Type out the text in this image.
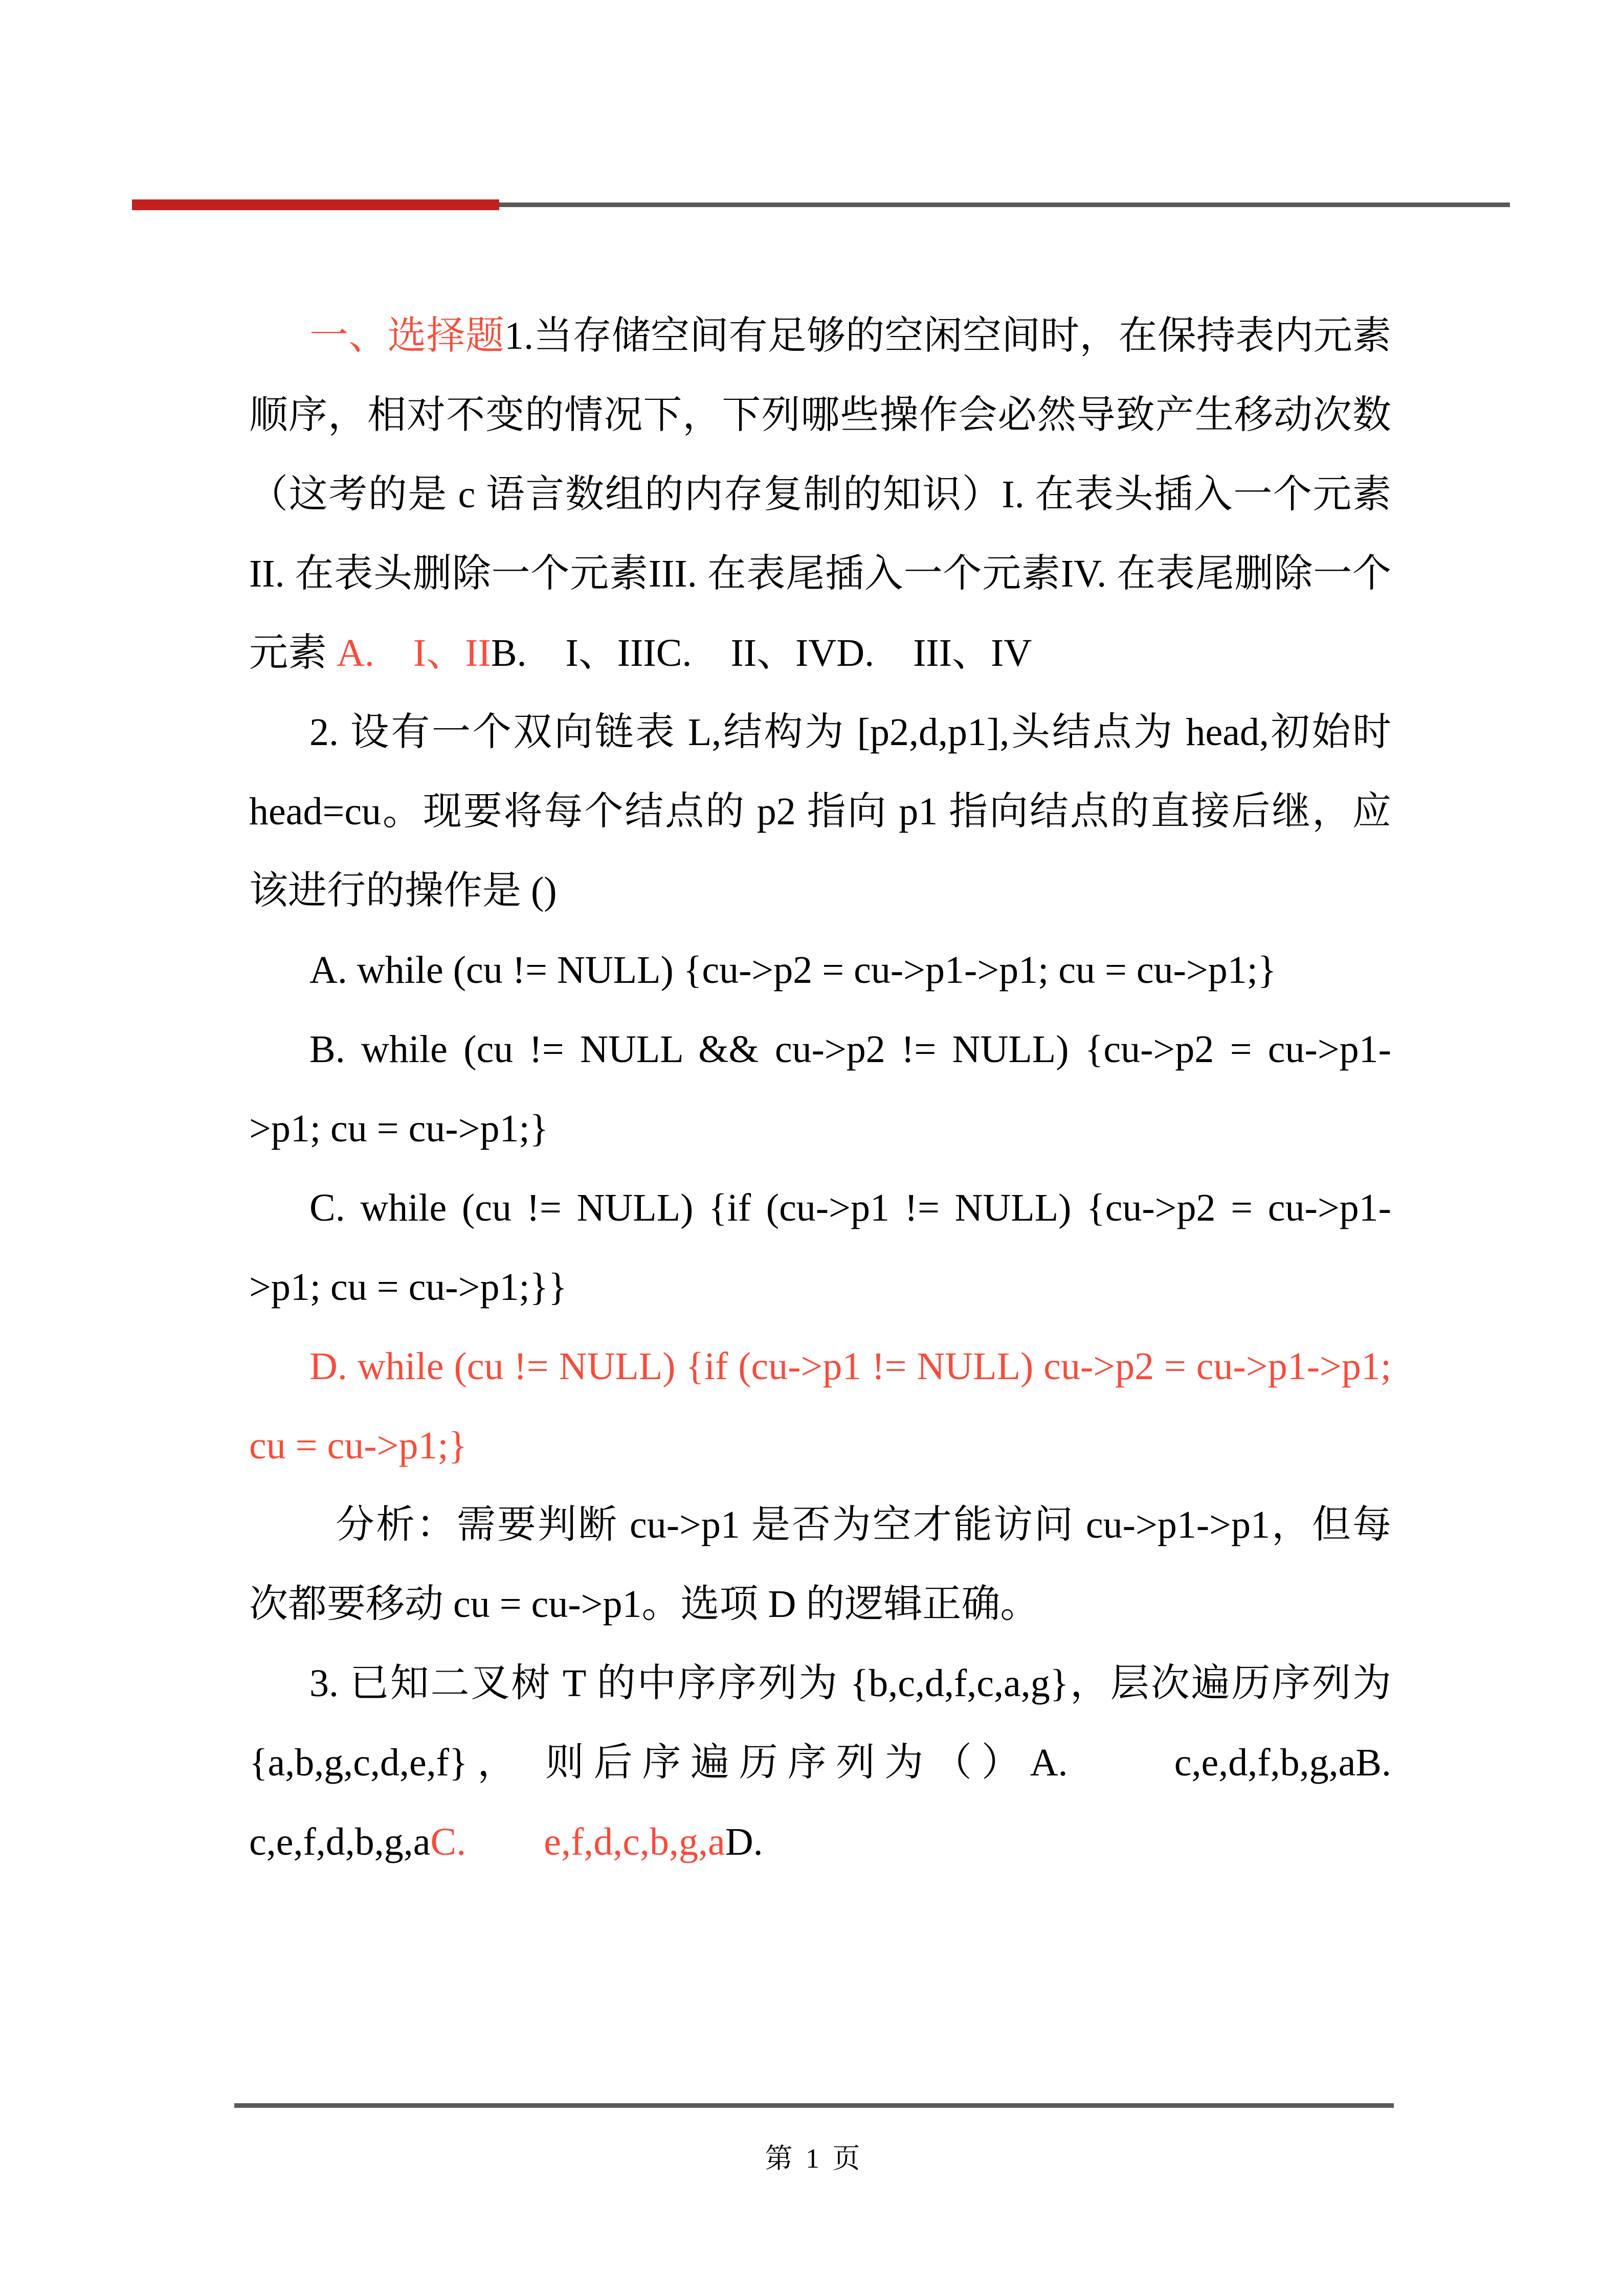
一、选择题1.当存储空间有足够的空闲空间时，在保持表内元素顺序，相对不变的情况下，下列哪些操作会必然导致产生移动次数（这考的是 c 语言数组的内存复制的知识）I. 在表头插入一个元素II. 在表头删除一个元素III. 在表尾插入一个元素IV. 在表尾删除一个元素 A.　I、IIB.　I、IIIC.　II、IVD.　III、IV

2. 设有一个双向链表 L,结构为 [p2,d,p1],头结点为 head,初始时 head=cu。现要将每个结点的 p2 指向 p1 指向结点的直接后继，应该进行的操作是 ()

A. while (cu != NULL) {cu->p2 = cu->p1->p1; cu = cu->p1;}

B. while (cu != NULL && cu->p2 != NULL) {cu->p2 = cu->p1->p1; cu = cu->p1;}

C. while (cu != NULL) {if (cu->p1 != NULL) {cu->p2 = cu->p1->p1; cu = cu->p1;}}

D. while (cu != NULL) {if (cu->p1 != NULL) cu->p2 = cu->p1->p1; cu = cu->p1;}

分析：需要判断 cu->p1 是否为空才能访问 cu->p1->p1，但每次都要移动 cu = cu->p1。选项 D 的逻辑正确。

3. 已知二叉树 T 的中序序列为 {b,c,d,f,c,a,g}，层次遍历序列为 {a,b,g,c,d,e,f}， 则后序遍历序列为（）A.　　c,e,d,f,b,g,aB.　　c,e,f,d,b,g,aC.　　e,f,d,c,b,g,aD.

第 1 页
